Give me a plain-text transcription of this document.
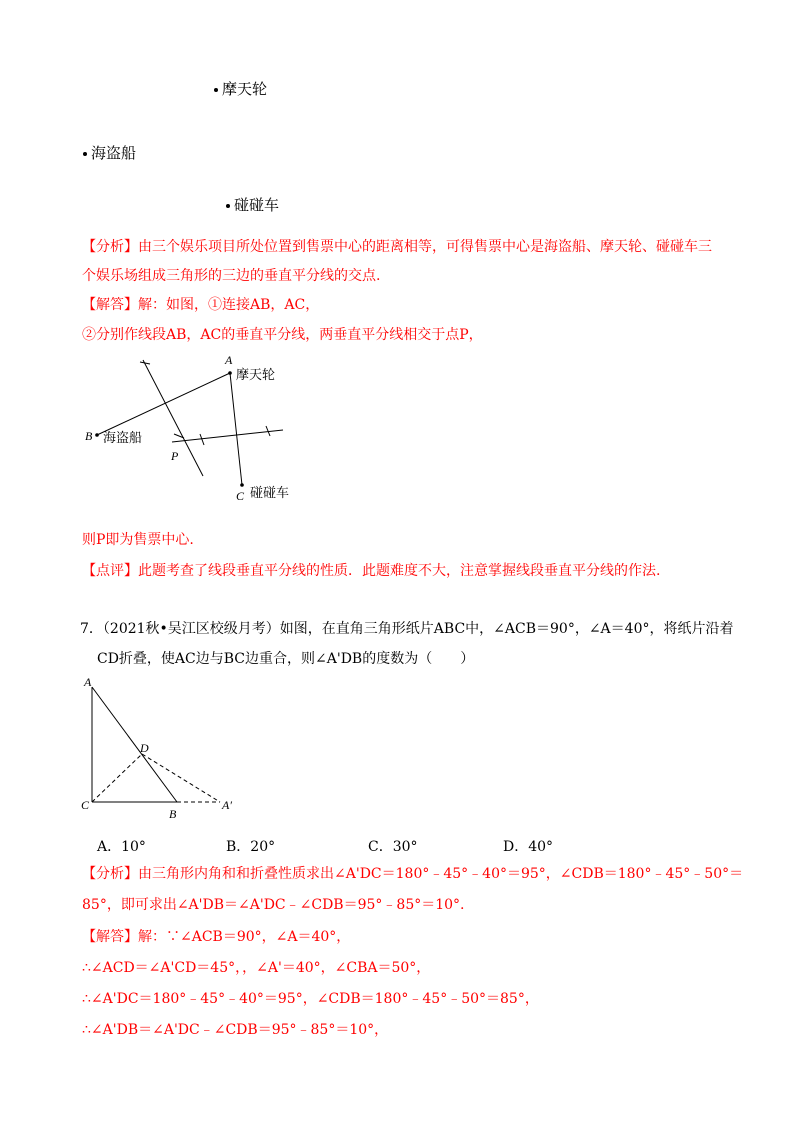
摩天轮
海盗船
碰碰车
【分析】由三个娱乐项目所处位置到售票中心的距离相等，可得售票中心是海盗船、摩天轮、碰碰车三
个娱乐场组成三角形的三边的垂直平分线的交点.
【解答】解：如图，①连接AB，AC，
②分别作线段AB，AC的垂直平分线，两垂直平分线相交于点P，
A
B
C
P
摩天轮
海盗船
碰碰车
则P即为售票中心.
【点评】此题考查了线段垂直平分线的性质．此题难度不大，注意掌握线段垂直平分线的作法.
7．（2021秋•吴江区校级月考）如图，在直角三角形纸片ABC中，∠ACB＝90°，∠A＝40°，将纸片沿着
CD折叠，使AC边与BC边重合，则∠A'DB的度数为（　　）
A
C
D
B
A′
A．10°	B．20°	C．30°	D．40°
【分析】由三角形内角和和折叠性质求出∠A'DC＝180°﹣45°﹣40°＝95°，∠CDB＝180°﹣45°﹣50°＝
85°，即可求出∠A'DB＝∠A'DC﹣∠CDB＝95°﹣85°＝10°.
【解答】解：∵∠ACB＝90°，∠A＝40°，
∴∠ACD＝∠A'CD＝45°，，∠A'＝40°，∠CBA＝50°，
∴∠A'DC＝180°﹣45°﹣40°＝95°，∠CDB＝180°﹣45°﹣50°＝85°，
∴∠A'DB＝∠A'DC﹣∠CDB＝95°﹣85°＝10°，
